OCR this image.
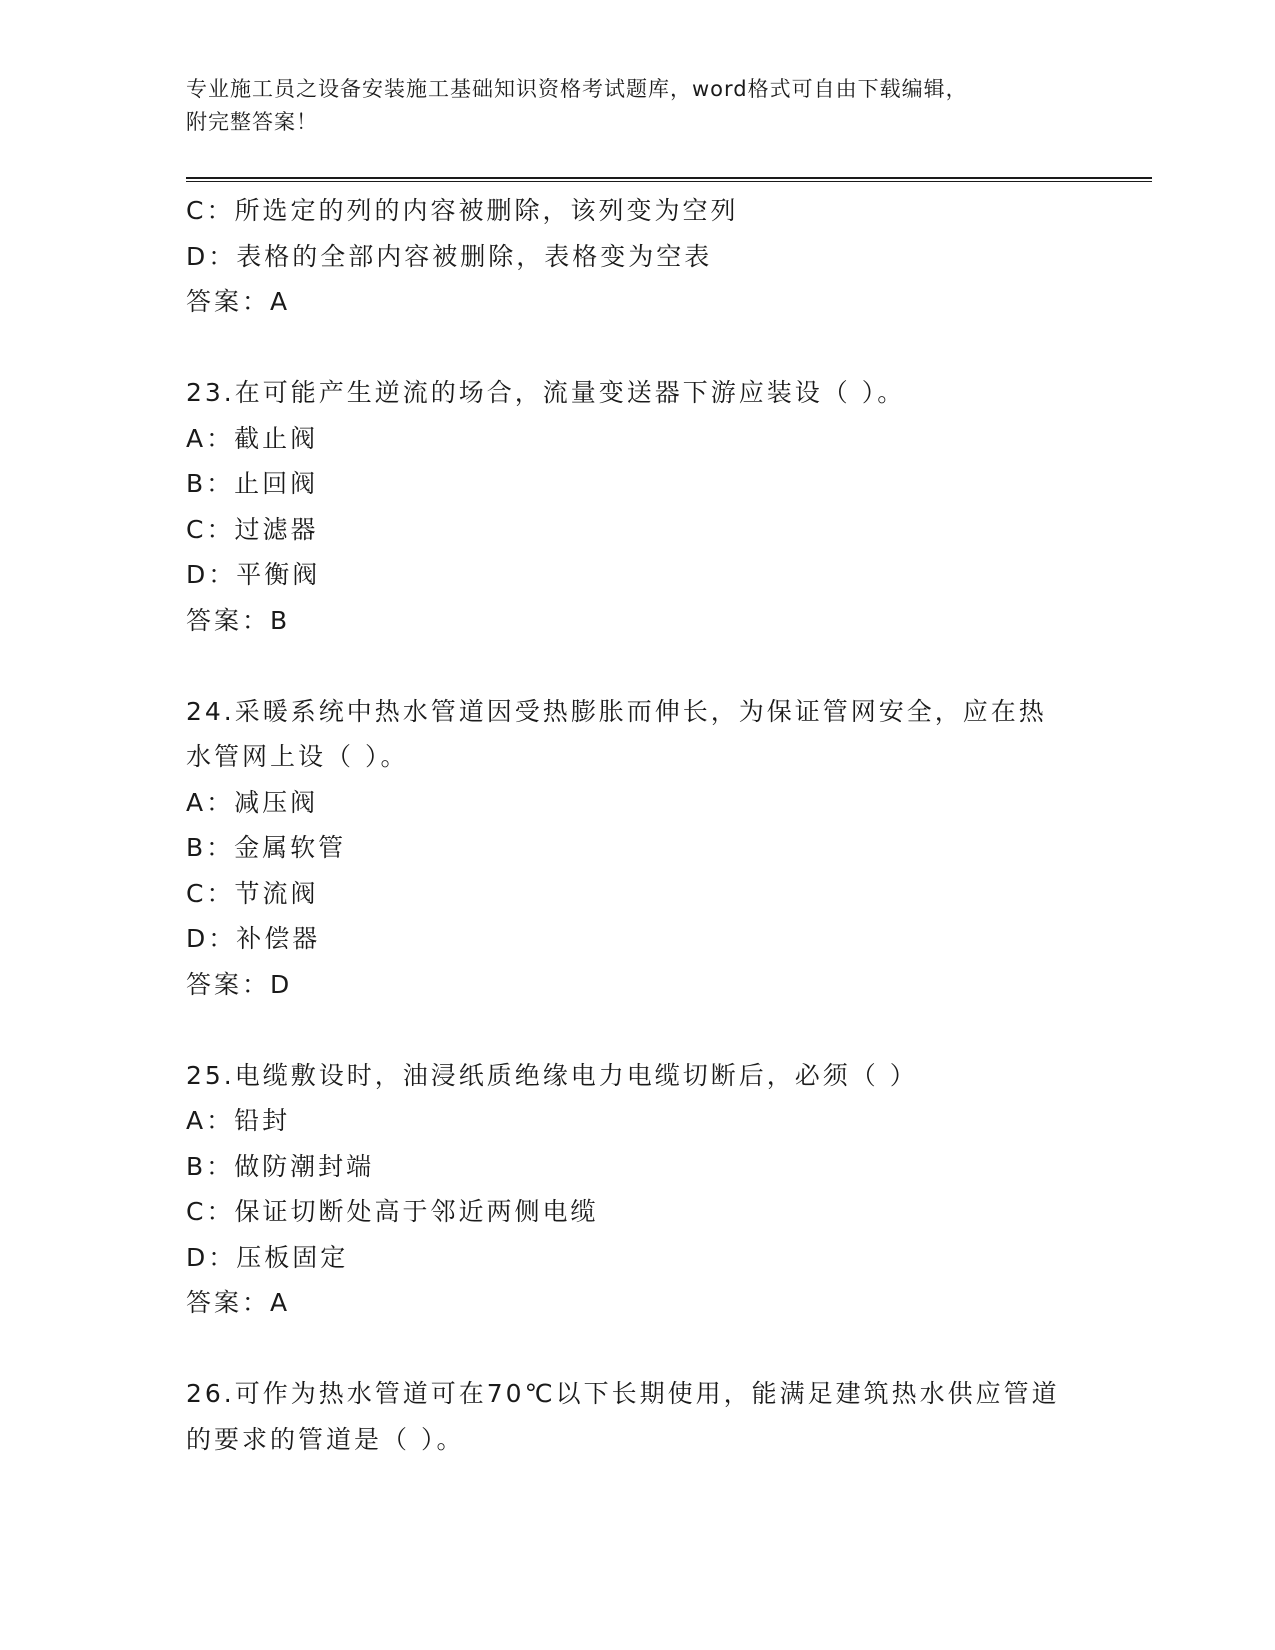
专业施工员之设备安装施工基础知识资格考试题库，word格式可自由下载编辑，
附完整答案！
C：所选定的列的内容被删除，该列变为空列
D：表格的全部内容被删除，表格变为空表
答案：A
23.在可能产生逆流的场合，流量变送器下游应装设（ ）。
A：截止阀
B：止回阀
C：过滤器
D：平衡阀
答案：B
24.采暖系统中热水管道因受热膨胀而伸长，为保证管网安全，应在热
水管网上设（ ）。
A：减压阀
B：金属软管
C：节流阀
D：补偿器
答案：D
25.电缆敷设时，油浸纸质绝缘电力电缆切断后，必须（ ）
A：铅封
B：做防潮封端
C：保证切断处高于邻近两侧电缆
D：压板固定
答案：A
26.可作为热水管道可在70℃以下长期使用，能满足建筑热水供应管道
的要求的管道是（ ）。
